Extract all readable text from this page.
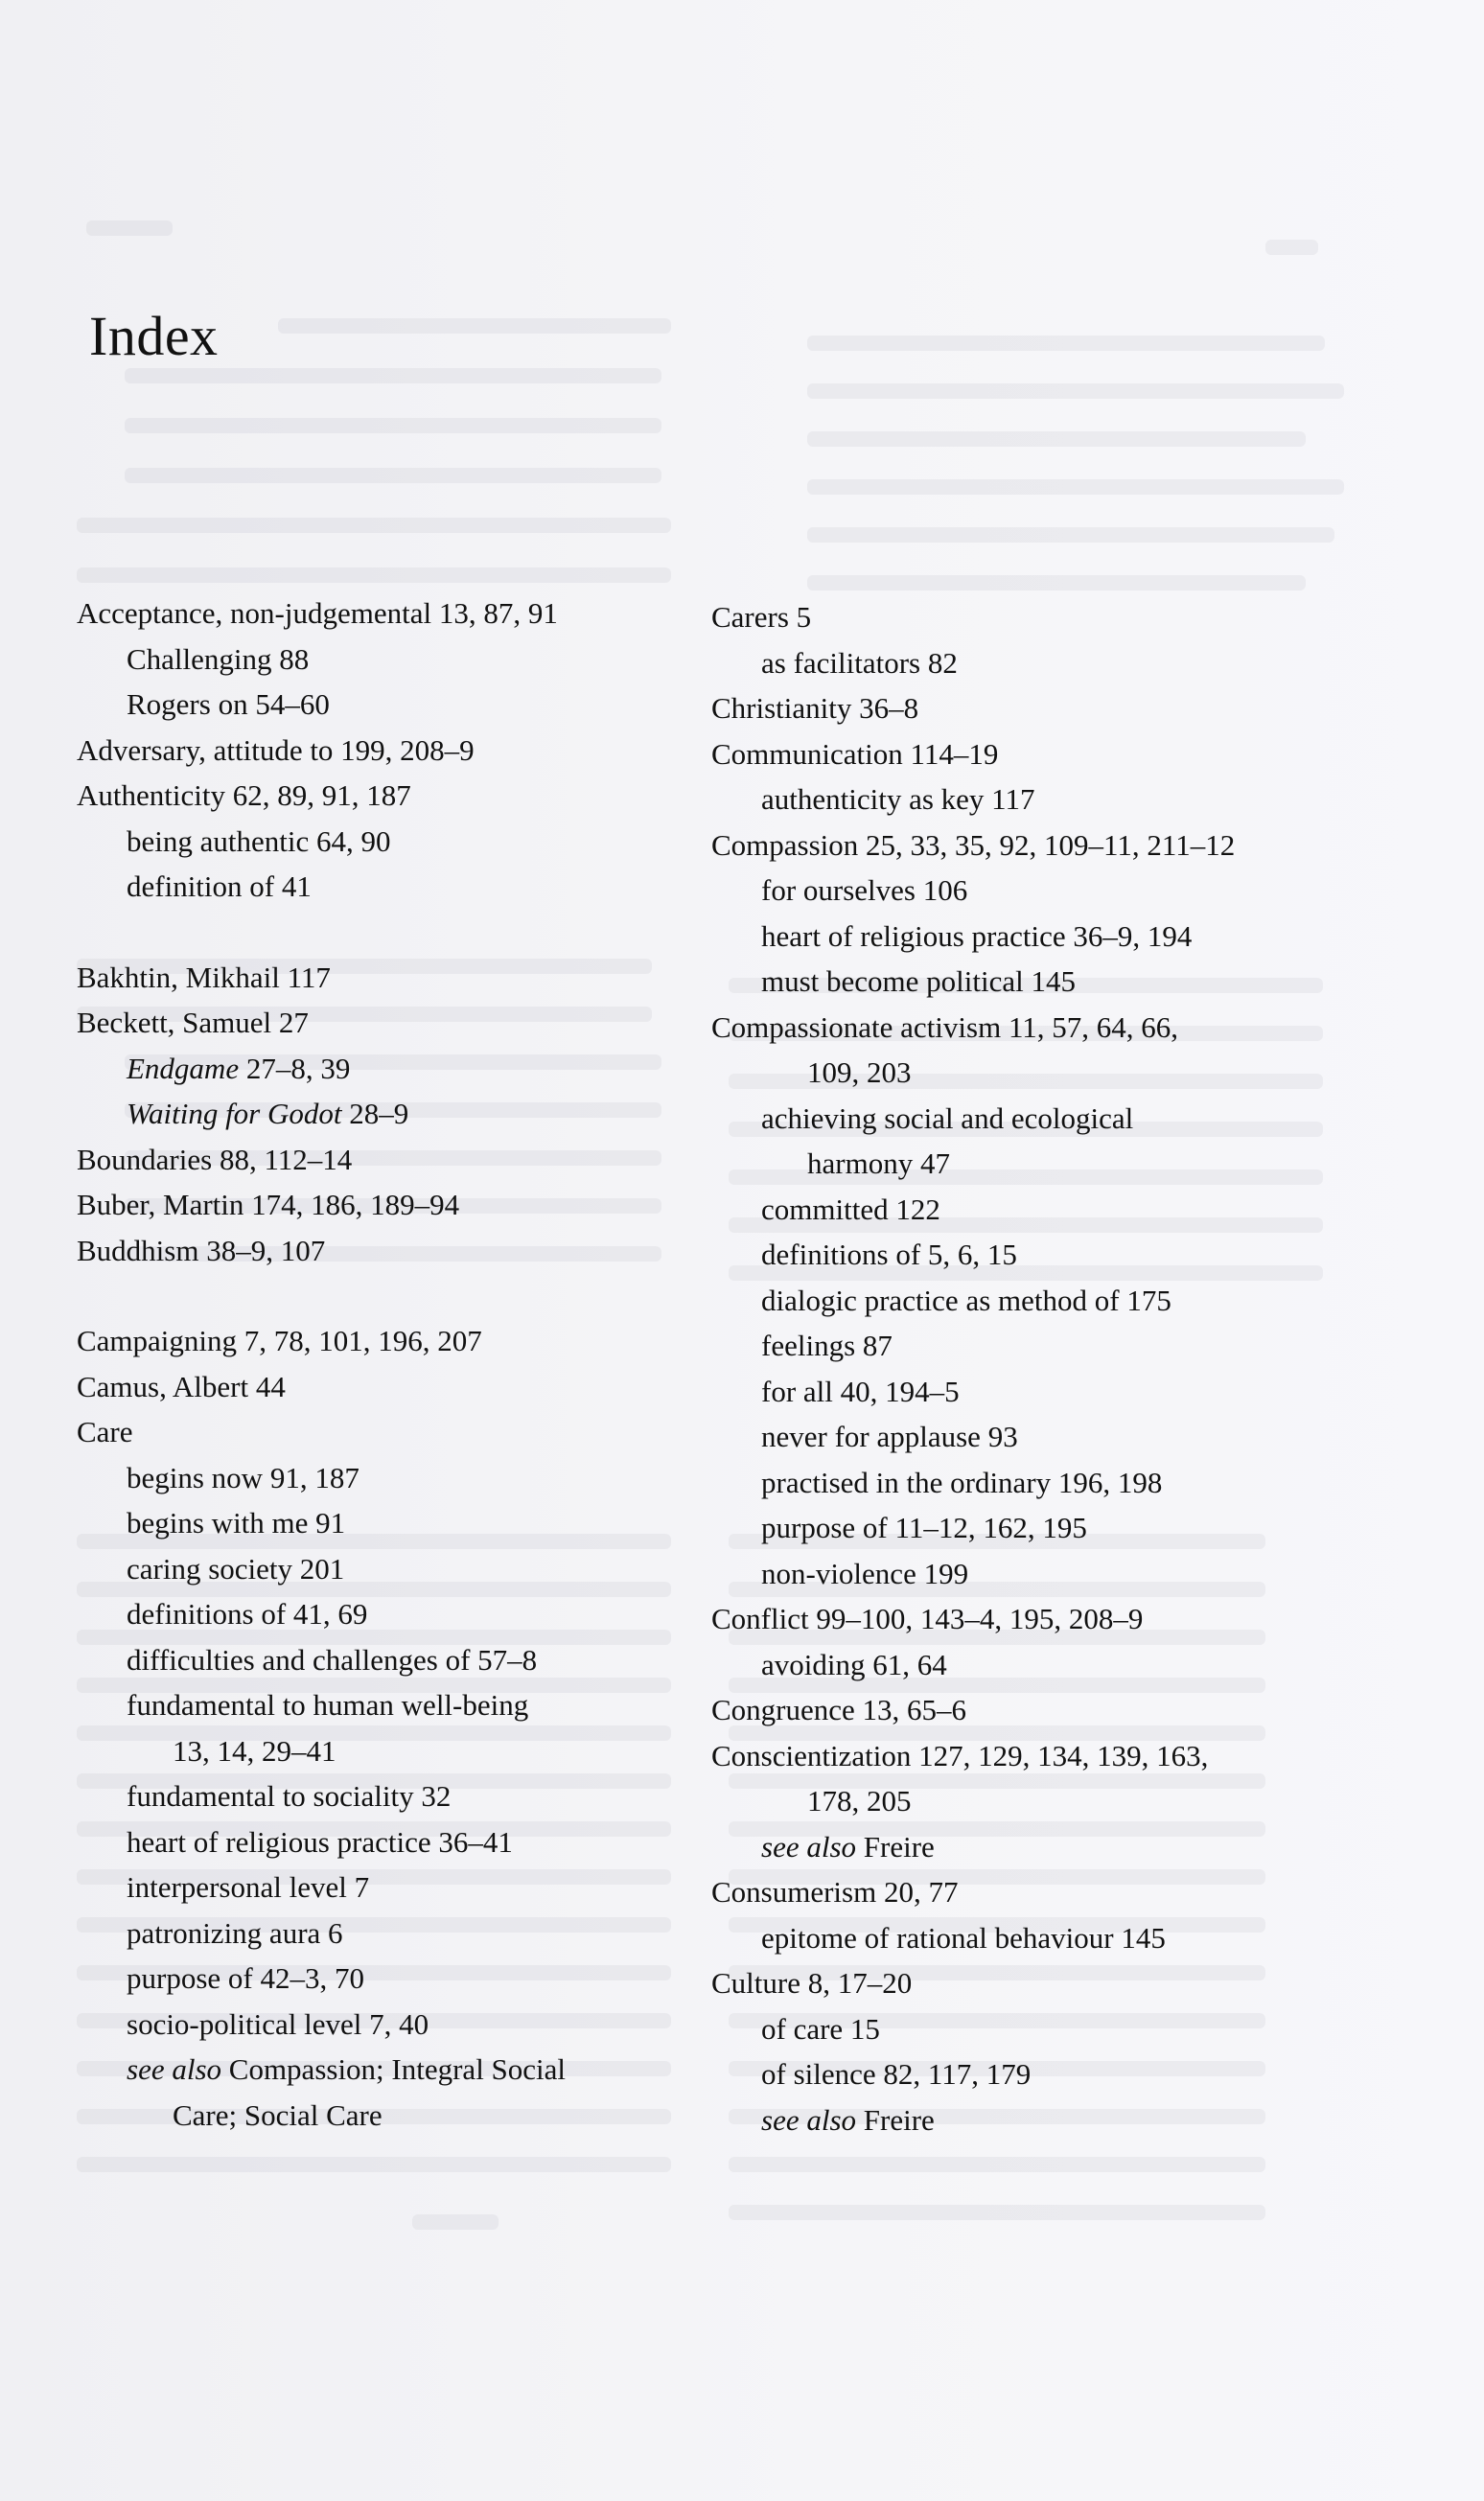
Index
Acceptance, non-judgemental 13, 87, 91
Challenging 88
Rogers on 54–60
Adversary, attitude to 199, 208–9
Authenticity 62, 89, 91, 187
being authentic 64, 90
definition of 41
Bakhtin, Mikhail 117
Beckett, Samuel 27
Endgame 27–8, 39
Waiting for Godot 28–9
Boundaries 88, 112–14
Buber, Martin 174, 186, 189–94
Buddhism 38–9, 107
Campaigning 7, 78, 101, 196, 207
Camus, Albert 44
Care
begins now 91, 187
begins with me 91
caring society 201
definitions of 41, 69
difficulties and challenges of 57–8
fundamental to human well-being
13, 14, 29–41
fundamental to sociality 32
heart of religious practice 36–41
interpersonal level 7
patronizing aura 6
purpose of 42–3, 70
socio-political level 7, 40
see also Compassion; Integral Social
Care; Social Care
Carers 5
as facilitators 82
Christianity 36–8
Communication 114–19
authenticity as key 117
Compassion 25, 33, 35, 92, 109–11, 211–12
for ourselves 106
heart of religious practice 36–9, 194
must become political 145
Compassionate activism 11, 57, 64, 66,
109, 203
achieving social and ecological
harmony 47
committed 122
definitions of 5, 6, 15
dialogic practice as method of 175
feelings 87
for all 40, 194–5
never for applause 93
practised in the ordinary 196, 198
purpose of 11–12, 162, 195
non-violence 199
Conflict 99–100, 143–4, 195, 208–9
avoiding 61, 64
Congruence 13, 65–6
Conscientization 127, 129, 134, 139, 163,
178, 205
see also Freire
Consumerism 20, 77
epitome of rational behaviour 145
Culture 8, 17–20
of care 15
of silence 82, 117, 179
see also Freire
